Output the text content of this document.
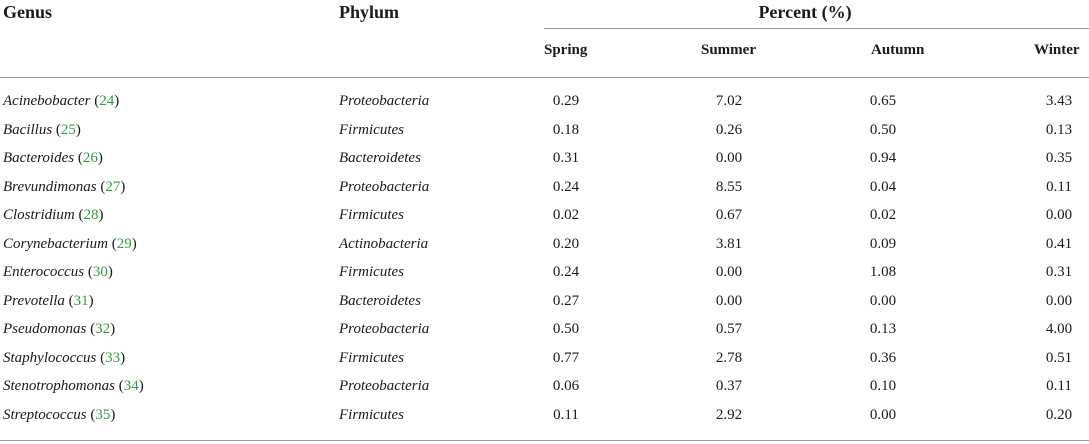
Genus	Phylum	Percent (%)
Spring	Summer	Autumn	Winter
Acinebobacter (24)	Proteobacteria	0.29	7.02	0.65	3.43
Bacillus (25)	Firmicutes	0.18	0.26	0.50	0.13
Bacteroides (26)	Bacteroidetes	0.31	0.00	0.94	0.35
Brevundimonas (27)	Proteobacteria	0.24	8.55	0.04	0.11
Clostridium (28)	Firmicutes	0.02	0.67	0.02	0.00
Corynebacterium (29)	Actinobacteria	0.20	3.81	0.09	0.41
Enterococcus (30)	Firmicutes	0.24	0.00	1.08	0.31
Prevotella (31)	Bacteroidetes	0.27	0.00	0.00	0.00
Pseudomonas (32)	Proteobacteria	0.50	0.57	0.13	4.00
Staphylococcus (33)	Firmicutes	0.77	2.78	0.36	0.51
Stenotrophomonas (34)	Proteobacteria	0.06	0.37	0.10	0.11
Streptococcus (35)	Firmicutes	0.11	2.92	0.00	0.20
